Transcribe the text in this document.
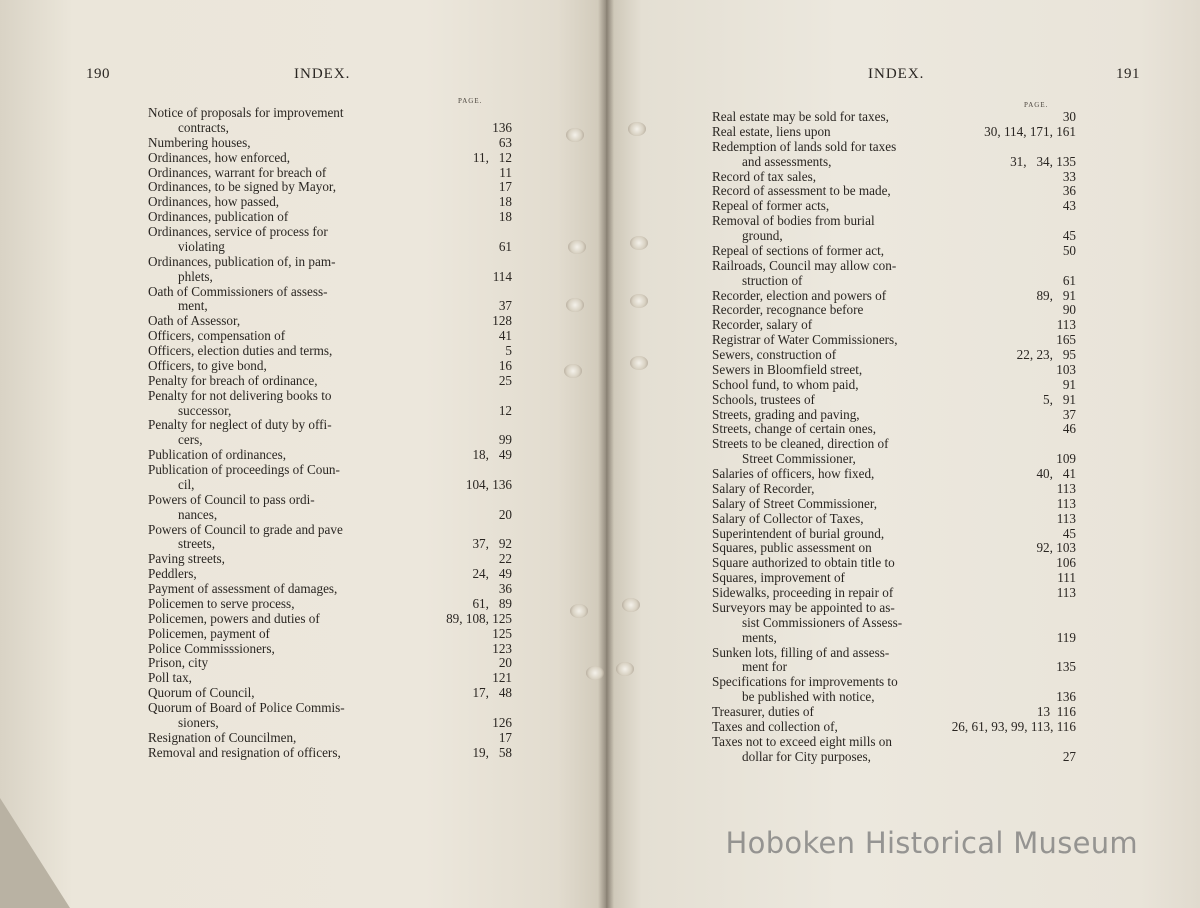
190	INDEX.
PAGE.
Notice of proposals for improvement
contracts,	136
Numbering houses,	63
Ordinances, how enforced,	11,   12
Ordinances, warrant for breach of	11
Ordinances, to be signed by Mayor,	17
Ordinances, how passed,	18
Ordinances, publication of	18
Ordinances, service of process for
violating	61
Ordinances, publication of, in pam-
phlets,	114
Oath of Commissioners of assess-
ment,	37
Oath of Assessor,	128
Officers, compensation of	41
Officers, election duties and terms,	5
Officers, to give bond,	16
Penalty for breach of ordinance,	25
Penalty for not delivering books to
successor,	12
Penalty for neglect of duty by offi-
cers,	99
Publication of ordinances,	18,   49
Publication of proceedings of Coun-
cil,	104, 136
Powers of Council to pass ordi-
nances,	20
Powers of Council to grade and pave
streets,	37,   92
Paving streets,	22
Peddlers,	24,   49
Payment of assessment of damages,	36
Policemen to serve process,	61,   89
Policemen, powers and duties of	89, 108, 125
Policemen, payment of	125
Police Commisssioners,	123
Prison, city	20
Poll tax,	121
Quorum of Council,	17,   48
Quorum of Board of Police Commis-
sioners,	126
Resignation of Councilmen,	17
Removal and resignation of officers,	19,   58
INDEX.	191
PAGE.
Real estate may be sold for taxes,	30
Real estate, liens upon	30, 114, 171, 161
Redemption of lands sold for taxes
and assessments,	31,   34, 135
Record of tax sales,	33
Record of assessment to be made,	36
Repeal of former acts,	43
Removal of bodies from burial
ground,	45
Repeal of sections of former act,	50
Railroads, Council may allow con-
struction of	61
Recorder, election and powers of	89,   91
Recorder, recognance before	90
Recorder, salary of	113
Registrar of Water Commissioners,	165
Sewers, construction of	22, 23,   95
Sewers in Bloomfield street,	103
School fund, to whom paid,	91
Schools, trustees of	5,   91
Streets, grading and paving,	37
Streets, change of certain ones,	46
Streets to be cleaned, direction of
Street Commissioner,	109
Salaries of officers, how fixed,	40,   41
Salary of Recorder,	113
Salary of Street Commissioner,	113
Salary of Collector of Taxes,	113
Superintendent of burial ground,	45
Squares, public assessment on	92, 103
Square authorized to obtain title to	106
Squares, improvement of	111
Sidewalks, proceeding in repair of	113
Surveyors may be appointed to as-
sist Commissioners of Assess-
ments,	119
Sunken lots, filling of and assess-
ment for	135
Specifications for improvements to
be published with notice,	136
Treasurer, duties of	13  116
Taxes and collection of,	26, 61, 93, 99, 113, 116
Taxes not to exceed eight mills on
dollar for City purposes,	27
Hoboken Historical Museum
